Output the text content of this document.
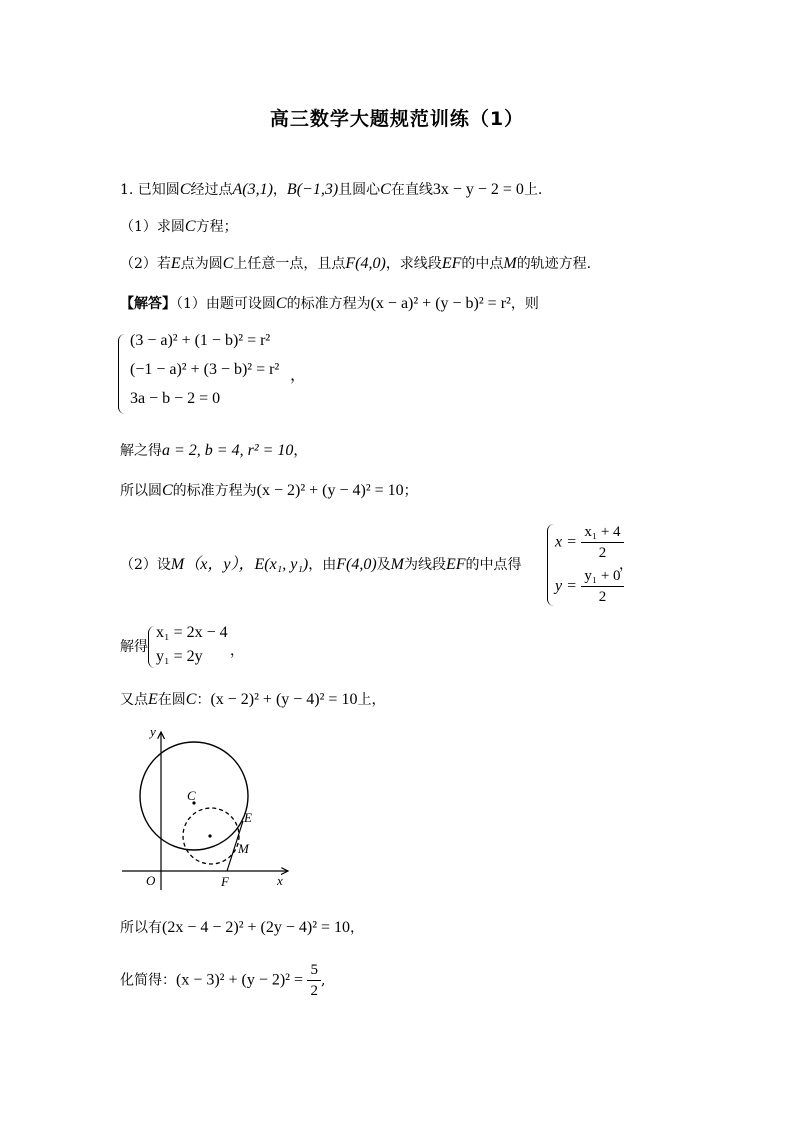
高三数学大题规范训练（1）
1. 已知圆C经过点A(3,1)，B(−1,3)且圆心C在直线3x − y − 2 = 0上.
（1）求圆C方程；
（2）若E点为圆C上任意一点，且点F(4,0)，求线段EF的中点M的轨迹方程.
【解答】（1）由题可设圆C的标准方程为(x − a)² + (y − b)² = r²，则
(3 − a)² + (1 − b)² = r²
(−1 − a)² + (3 − b)² = r²
3a − b − 2 = 0
，
解之得a = 2, b = 4, r² = 10，
所以圆C的标准方程为(x − 2)² + (y − 4)² = 10；
（2）设M（x，y），E(x₁, y₁)，由F(4,0)及M为线段EF的中点得
$x = \frac{\text{x₁ + 4}}{2}$
$y = \frac{\text{y₁ + 0}}{2}$
，
解得
x₁ = 2x − 4
y₁ = 2y ，
又点E在圆C：(x − 2)² + (y − 4)² = 10上，
y
x
O	F
C
E
M
所以有(2x − 4 − 2)² + (2y − 4)² = 10，
化简得：$(x - 3)^2 + (y - 2)^2 = \frac{5}{2}$ ,
